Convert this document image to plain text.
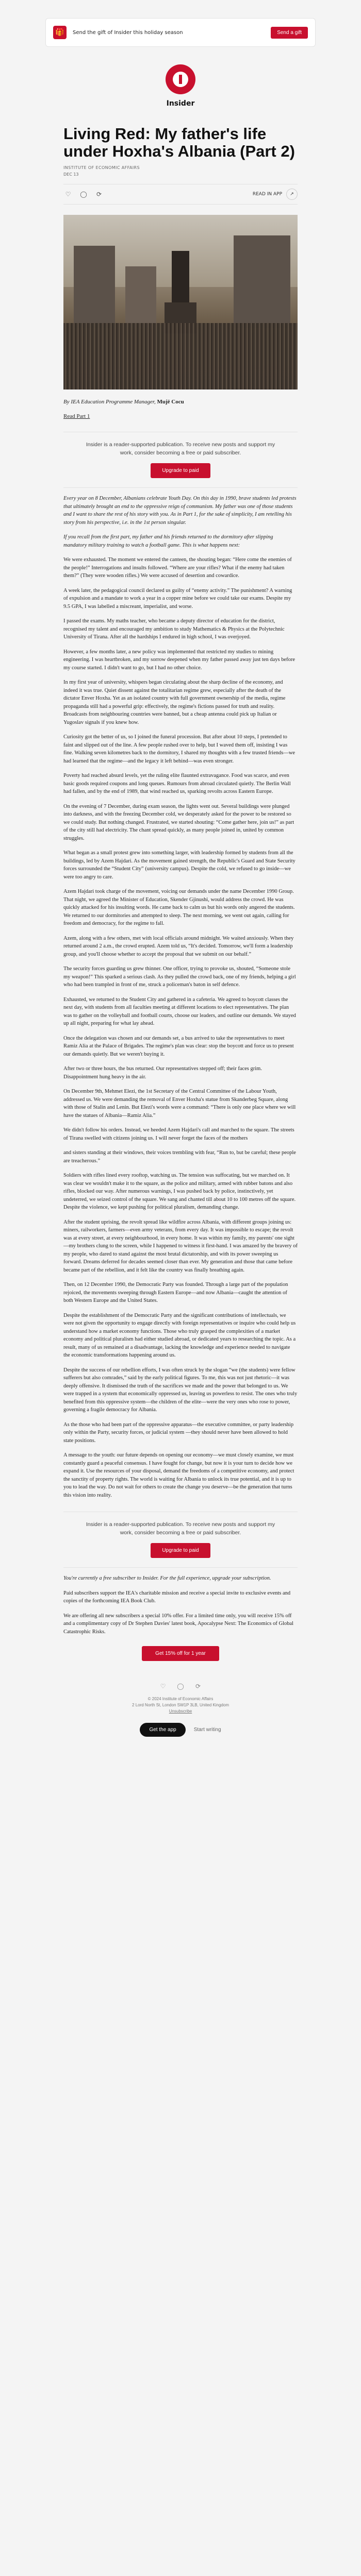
🎁	Send the gift of Insider this holiday season	Send a gift
Insider
Living Red: My father's life under Hoxha's Albania (Part 2)
INSTITUTE OF ECONOMIC AFFAIRS
DEC 13
♡	◯	⟳	READ IN APP	↗
By IEA Education Programme Manager, Mujë Cocu
Read Part 1

Insider is a reader-supported publication. To receive new posts and support my work, consider becoming a free or paid subscriber.

Upgrade to paid

Every year on 8 December, Albanians celebrate Youth Day. On this day in 1990, brave students led protests that ultimately brought an end to the oppressive reign of communism. My father was one of those students and I want to share the rest of his story with you. As in Part 1, for the sake of simplicity, I am retelling his story from his perspective, i.e. in the 1st person singular.

If you recall from the first part, my father and his friends returned to the dormitory after slipping mandatory military training to watch a football game. This is what happens next:

We were exhausted. The moment we entered the canteen, the shouting began: “Here come the enemies of the people!” Interrogations and insults followed. “Where are your rifles? What if the enemy had taken them?” (They were wooden rifles.) We were accused of desertion and cowardice.

A week later, the pedagogical council declared us guilty of “enemy activity.” The punishment? A warning of expulsion and a mandate to work a year in a copper mine before we could take our exams. Despite my 9.5 GPA, I was labelled a miscreant, imperialist, and worse.

I passed the exams. My maths teacher, who became a deputy director of education for the district, recognised my talent and encouraged my ambition to study Mathematics & Physics at the Polytechnic University of Tirana. After all the hardships I endured in high school, I was overjoyed.

However, a few months later, a new policy was implemented that restricted my studies to mining engineering. I was heartbroken, and my sorrow deepened when my father passed away just ten days before my course started. I didn't want to go, but I had no other choice.

In my first year of university, whispers began circulating about the sharp decline of the economy, and indeed it was true. Quiet dissent against the totalitarian regime grew, especially after the death of the dictator Enver Hoxha. Yet as an isolated country with full government ownership of the media, regime propaganda still had a powerful grip: effectively, the regime's fictions passed for truth and reality. Broadcasts from neighbouring countries were banned, but a cheap antenna could pick up Italian or Yugoslav signals if you knew how.

Curiosity got the better of us, so I joined the funeral procession. But after about 10 steps, I pretended to faint and slipped out of the line. A few people rushed over to help, but I waved them off, insisting I was fine. Walking seven kilometres back to the dormitory, I shared my thoughts with a few trusted friends—we had learned that the regime—and the legacy it left behind—was even stronger.

Poverty had reached absurd levels, yet the ruling elite flaunted extravagance. Food was scarce, and even basic goods required coupons and long queues. Rumours from abroad circulated quietly. The Berlin Wall had fallen, and by the end of 1989, that wind reached us, sparking revolts across Eastern Europe.

On the evening of 7 December, during exam season, the lights went out. Several buildings were plunged into darkness, and with the freezing December cold, we desperately asked for the power to be restored so we could study. But nothing changed. Frustrated, we started shouting: “Come gather here, join us!” as part of the city still had electricity. The chant spread quickly, as many people joined in, united by common struggles.

What began as a small protest grew into something larger, with leadership formed by students from all the buildings, led by Azem Hajdari. As the movement gained strength, the Republic's Guard and State Security forces surrounded the “Student City” (university campus). Despite the cold, we refused to go inside—we were too angry to care.

Azem Hajdari took charge of the movement, voicing our demands under the name December 1990 Group. That night, we agreed the Minister of Education, Skender Gjinushi, would address the crowd. He was quickly attacked for his insulting words. He came back to calm us but his words only angered the students. We returned to our dormitories and attempted to sleep. The next morning, we went out again, calling for freedom and democracy, for the regime to fall.

Azem, along with a few others, met with local officials around midnight. We waited anxiously. When they returned around 2 a.m., the crowd erupted. Azem told us, “It's decided. Tomorrow, we'll form a leadership group, and you'll choose whether to accept the proposal that we submit on our behalf.”

The security forces guarding us grew thinner. One officer, trying to provoke us, shouted, “Someone stole my weapon!” This sparked a serious clash. As they pulled the crowd back, one of my friends, helping a girl who had been trampled in front of me, struck a policeman's baton in self defence.

Exhausted, we returned to the Student City and gathered in a cafeteria. We agreed to boycott classes the next day, with students from all faculties meeting at different locations to elect representatives. The plan was to gather on the volleyball and football courts, choose our leaders, and outline our demands. We stayed up all night, preparing for what lay ahead.

Once the delegation was chosen and our demands set, a bus arrived to take the representatives to meet Ramiz Alia at the Palace of Brigades. The regime's plan was clear: stop the boycott and force us to present our demands quietly. But we weren't buying it.

After two or three hours, the bus returned. Our representatives stepped off; their faces grim. Disappointment hung heavy in the air.

On December 9th, Mehmet Elezi, the 1st Secretary of the Central Committee of the Labour Youth, addressed us. We were demanding the removal of Enver Hoxha's statue from Skanderbeg Square, along with those of Stalin and Lenin. But Elezi's words were a command: “There is only one place where we will have the statues of Albania—Ramiz Alia.”

We didn't follow his orders. Instead, we heeded Azem Hajdari's call and marched to the square. The streets of Tirana swelled with citizens joining us. I will never forget the faces of the mothers

and sisters standing at their windows, their voices trembling with fear, “Run to, but be careful; these people are treacherous.”

Soldiers with rifles lined every rooftop, watching us. The tension was suffocating, but we marched on. It was clear we wouldn't make it to the square, as the police and military, armed with rubber batons and also rifles, blocked our way. After numerous warnings, I was pushed back by police, instinctively, yet undeterred, we seized control of the square. We sang and chanted till about 10 to 100 metres off the square. Despite the violence, we kept pushing for political pluralism, demanding change.

After the student uprising, the revolt spread like wildfire across Albania, with different groups joining us: miners, railworkers, farmers—even army veterans, from every day. It was impossible to escape; the revolt was at every street, at every neighbourhood, in every home. It was within my family, my parents' one sight—my brothers clung to the screen, while I happened to witness it first-hand. I was amazed by the bravery of my people, who dared to stand against the most brutal dictatorship, and with its power sweeping us forward. Dreams deferred for decades seemed closer than ever. My generation and those that came before became part of the rebellion, and it felt like the country was finally breathing again.

Then, on 12 December 1990, the Democratic Party was founded. Through a large part of the population rejoiced, the movements sweeping through Eastern Europe—and now Albania—caught the attention of both Western Europe and the United States.

Despite the establishment of the Democratic Party and the significant contributions of intellectuals, we were not given the opportunity to engage directly with foreign representatives or inquire who could help us understand how a market economy functions. Those who truly grasped the complexities of a market economy and political pluralism had either studied abroad, or dedicated years to researching the topic. As a result, many of us remained at a disadvantage, lacking the knowledge and experience needed to navigate the economic transformations happening around us.

Despite the success of our rebellion efforts, I was often struck by the slogan “we (the students) were fellow sufferers but also comrades,” said by the early political figures. To me, this was not just rhetoric—it was deeply offensive. It dismissed the truth of the sacrifices we made and the power that belonged to us. We were trapped in a system that economically oppressed us, leaving us powerless to resist. The ones who truly benefited from this oppressive system—the children of the elite—were the very ones who rose to power, governing a fragile democracy for Albania.

As the those who had been part of the oppressive apparatus—the executive committee, or party leadership only within the Party, security forces, or judicial system —they should never have been allowed to hold state positions.

A message to the youth: our future depends on opening our economy—we must closely examine, we must constantly guard a peaceful consensus. I have fought for change, but now it is your turn to decide how we expand it. Use the resources of your disposal, demand the freedoms of a competitive economy, and protect the sanctity of property rights. The world is waiting for Albania to unlock its true potential, and it is up to you to lead the way. Do not wait for others to create the change you deserve—be the generation that turns this vision into reality.

Insider is a reader-supported publication. To receive new posts and support my work, consider becoming a free or paid subscriber.

Upgrade to paid

You're currently a free subscriber to Insider. For the full experience, upgrade your subscription.

Paid subscribers support the IEA's charitable mission and receive a special invite to exclusive events and copies of the forthcoming IEA Book Club.

We are offering all new subscribers a special 10% offer. For a limited time only, you will receive 15% off and a complimentary copy of Dr Stephen Davies' latest book, Apocalypse Next: The Economics of Global Catastrophic Risks.

Get 15% off for 1 year
♡	◯	⟳
© 2024 Institute of Economic Affairs
2 Lord North St, London SW1P 3LB, United Kingdom
Unsubscribe
Get the app	Start writing
